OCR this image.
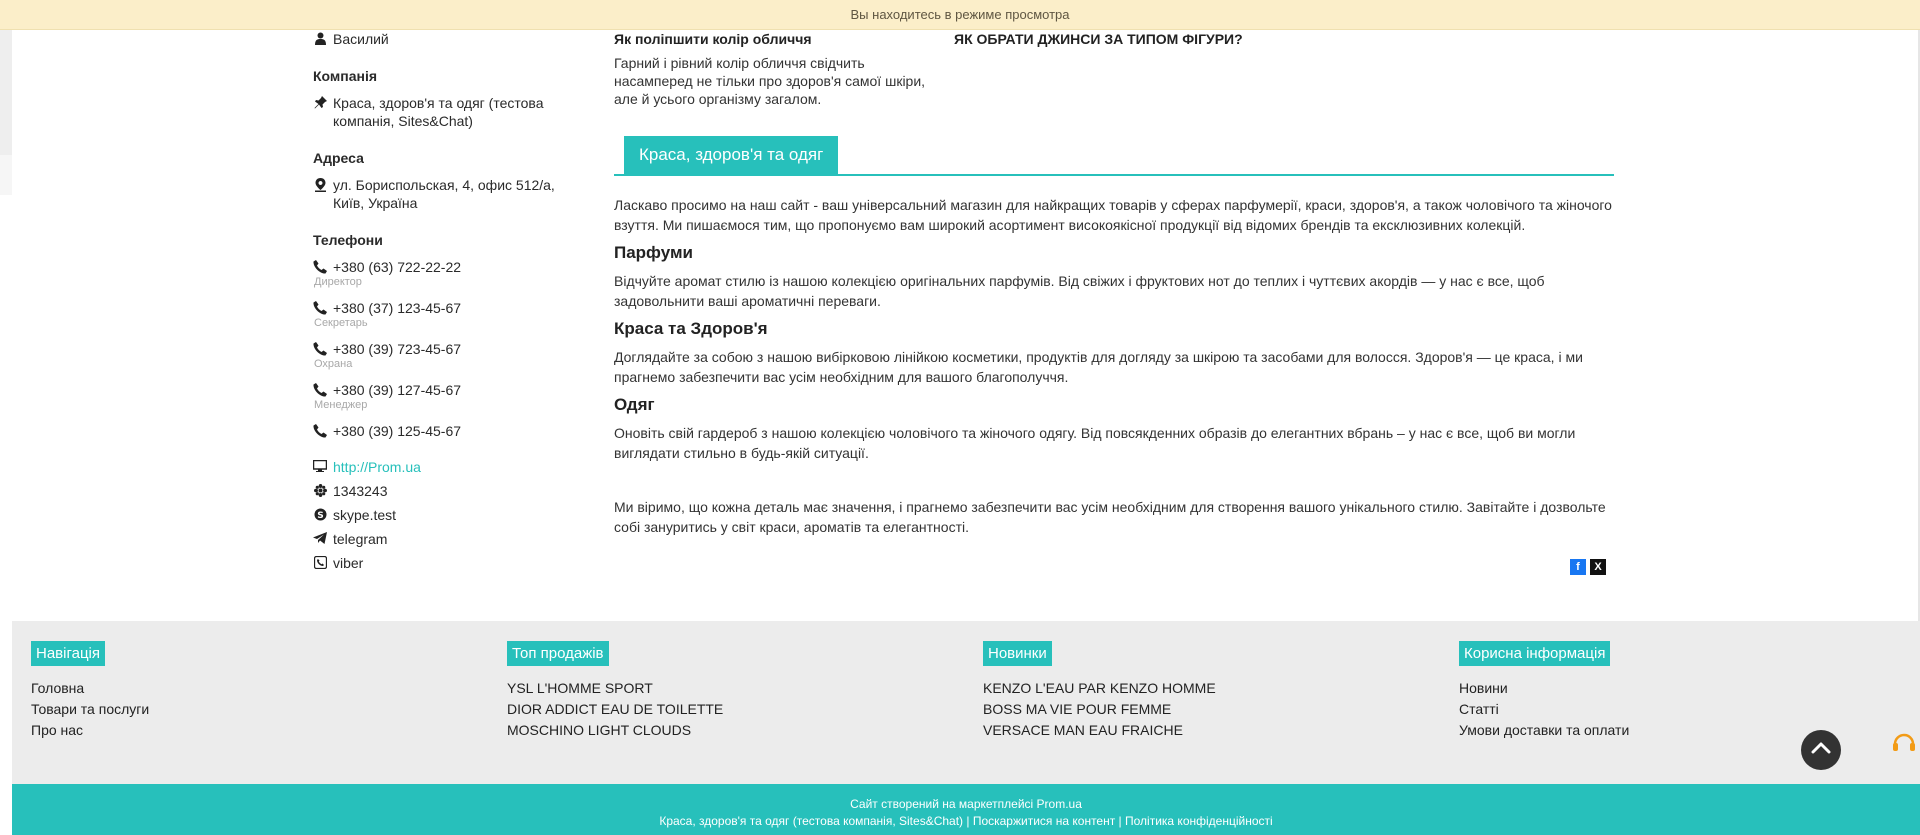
Вы находитесь в режиме просмотра
Василий
Компанія
Краса, здоров'я та одяг (тестова компанія, Sites&Chat)
Адреса
ул. Бориспольская, 4, офис 512/а, Київ, Україна
Телефони
+380 (63) 722-22-22
Директор
+380 (37) 123-45-67
Секретарь
+380 (39) 723-45-67
Охрана
+380 (39) 127-45-67
Менеджер
+380 (39) 125-45-67
http://Prom.ua
1343243
S skype.test
telegram
viber
Як поліпшити колір обличчя
Гарний і рівний колір обличчя свідчить насамперед не тільки про здоров'я самої шкіри, але й усього організму загалом.
ЯК ОБРАТИ ДЖИНСИ ЗА ТИПОМ ФІГУРИ?
Краса, здоров'я та одяг

Ласкаво просимо на наш сайт - ваш універсальний магазин для найкращих товарів у сферах парфумерії, краси, здоров'я, а також чоловічого та жіночого взуття. Ми пишаємося тим, що пропонуємо вам широкий асортимент високоякісної продукції від відомих брендів та ексклюзивних колекцій.

Парфуми

Відчуйте аромат стилю із нашою колекцією оригінальних парфумів. Від свіжих і фруктових нот до теплих і чуттєвих акордів — у нас є все, щоб задовольнити ваші ароматичні переваги.

Краса та Здоров'я

Доглядайте за собою з нашою вибірковою лінійкою косметики, продуктів для догляду за шкірою та засобами для волосся. Здоров'я — це краса, і ми прагнемо забезпечити вас усім необхідним для вашого благополуччя.

Одяг

Оновіть свій гардероб з нашою колекцією чоловічого та жіночого одягу. Від повсякденних образів до елегантних вбрань – у нас є все, щоб ви могли виглядати стильно в будь-якій ситуації.

Ми віримо, що кожна деталь має значення, і прагнемо забезпечити вас усім необхідним для створення вашого унікального стилю. Завітайте і дозвольте собі зануритись у світ краси, ароматів та елегантності.

f X
Навігація
Головна
Товари та послуги
Про нас
Топ продажів
YSL L'HOMME SPORT
DIOR ADDICT EAU DE TOILETTE
MOSCHINO LIGHT CLOUDS
Новинки
KENZO L'EAU PAR KENZO HOMME
BOSS MA VIE POUR FEMME
VERSACE MAN EAU FRAICHE
Корисна інформація
Новини
Статті
Умови доставки та оплати
Сайт створений на маркетплейсі Prom.ua
Краса, здоров'я та одяг (тестова компанія, Sites&Chat) | Поскаржитися на контент | Політика конфіденційності
